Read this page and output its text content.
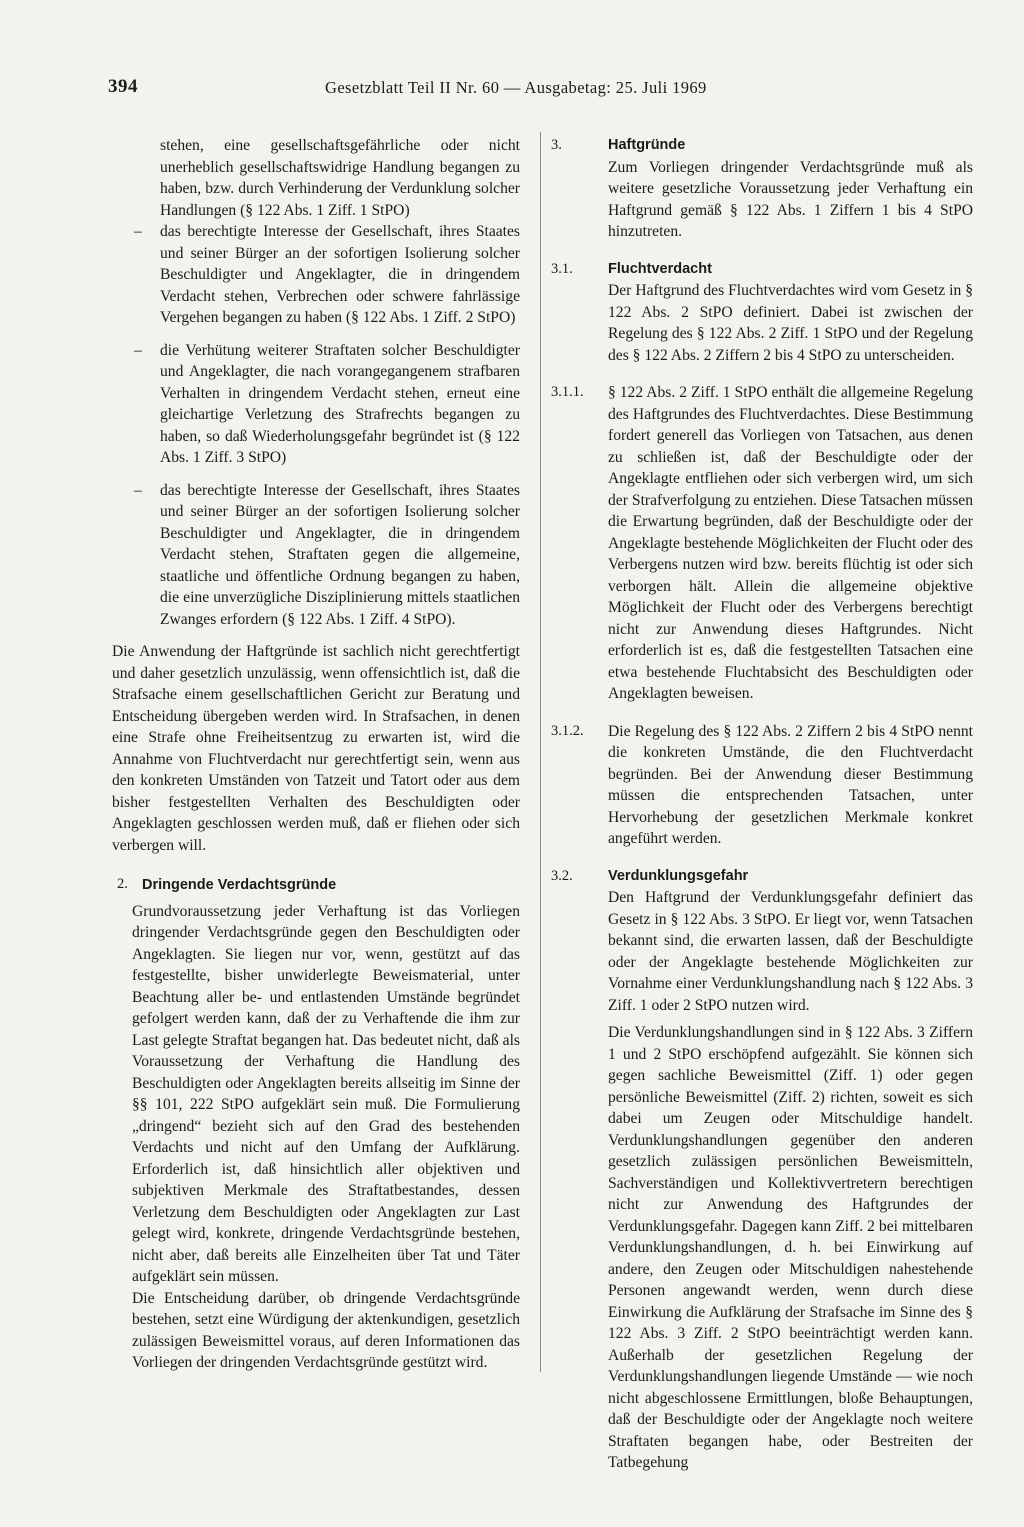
394	Gesetzblatt Teil II Nr. 60 — Ausgabetag: 25. Juli 1969

stehen, eine gesellschaftsgefährliche oder nicht unerheblich gesellschaftswidrige Handlung begangen zu haben, bzw. durch Verhinderung der Verdunklung solcher Handlungen (§ 122 Abs. 1 Ziff. 1 StPO)

– das berechtigte Interesse der Gesellschaft, ihres Staates und seiner Bürger an der sofortigen Isolierung solcher Beschuldigter und Angeklagter, die in dringendem Verdacht stehen, Verbrechen oder schwere fahrlässige Vergehen begangen zu haben (§ 122 Abs. 1 Ziff. 2 StPO)

– die Verhütung weiterer Straftaten solcher Beschuldigter und Angeklagter, die nach vorangegangenem strafbaren Verhalten in dringendem Verdacht stehen, erneut eine gleichartige Verletzung des Strafrechts begangen zu haben, so daß Wiederholungsgefahr begründet ist (§ 122 Abs. 1 Ziff. 3 StPO)

– das berechtigte Interesse der Gesellschaft, ihres Staates und seiner Bürger an der sofortigen Isolierung solcher Beschuldigter und Angeklagter, die in dringendem Verdacht stehen, Straftaten gegen die allgemeine, staatliche und öffentliche Ordnung begangen zu haben, die eine unverzügliche Disziplinierung mittels staatlichen Zwanges erfordern (§ 122 Abs. 1 Ziff. 4 StPO).

Die Anwendung der Haftgründe ist sachlich nicht gerechtfertigt und daher gesetzlich unzulässig, wenn offensichtlich ist, daß die Strafsache einem gesellschaftlichen Gericht zur Beratung und Entscheidung übergeben werden wird. In Strafsachen, in denen eine Strafe ohne Freiheitsentzug zu erwarten ist, wird die Annahme von Fluchtverdacht nur gerechtfertigt sein, wenn aus den konkreten Umständen von Tatzeit und Tatort oder aus dem bisher festgestellten Verhalten des Beschuldigten oder Angeklagten geschlossen werden muß, daß er fliehen oder sich verbergen will.

2. Dringende Verdachtsgründe

Grundvoraussetzung jeder Verhaftung ist das Vorliegen dringender Verdachtsgründe gegen den Beschuldigten oder Angeklagten. Sie liegen nur vor, wenn, gestützt auf das festgestellte, bisher unwiderlegte Beweismaterial, unter Beachtung aller be- und entlastenden Umstände begründet gefolgert werden kann, daß der zu Verhaftende die ihm zur Last gelegte Straftat begangen hat. Das bedeutet nicht, daß als Voraussetzung der Verhaftung die Handlung des Beschuldigten oder Angeklagten bereits allseitig im Sinne der §§ 101, 222 StPO aufgeklärt sein muß. Die Formulierung „dringend“ bezieht sich auf den Grad des bestehenden Verdachts und nicht auf den Umfang der Aufklärung. Erforderlich ist, daß hinsichtlich aller objektiven und subjektiven Merkmale des Straftatbestandes, dessen Verletzung dem Beschuldigten oder Angeklagten zur Last gelegt wird, konkrete, dringende Verdachtsgründe bestehen, nicht aber, daß bereits alle Einzelheiten über Tat und Täter aufgeklärt sein müssen.

Die Entscheidung darüber, ob dringende Verdachtsgründe bestehen, setzt eine Würdigung der aktenkundigen, gesetzlich zulässigen Beweismittel voraus, auf deren Informationen das Vorliegen der dringenden Verdachtsgründe gestützt wird.

3.	Haftgründe

Zum Vorliegen dringender Verdachtsgründe muß als weitere gesetzliche Voraussetzung jeder Verhaftung ein Haftgrund gemäß § 122 Abs. 1 Ziffern 1 bis 4 StPO hinzutreten.

3.1. Fluchtverdacht

Der Haftgrund des Fluchtverdachtes wird vom Gesetz in § 122 Abs. 2 StPO definiert. Dabei ist zwischen der Regelung des § 122 Abs. 2 Ziff. 1 StPO und der Regelung des § 122 Abs. 2 Ziffern 2 bis 4 StPO zu unterscheiden.

3.1.1. § 122 Abs. 2 Ziff. 1 StPO enthält die allgemeine Regelung des Haftgrundes des Fluchtverdachtes. Diese Bestimmung fordert generell das Vorliegen von Tatsachen, aus denen zu schließen ist, daß der Beschuldigte oder der Angeklagte entfliehen oder sich verbergen wird, um sich der Strafverfolgung zu entziehen. Diese Tatsachen müssen die Erwartung begründen, daß der Beschuldigte oder der Angeklagte bestehende Möglichkeiten der Flucht oder des Verbergens nutzen wird bzw. bereits flüchtig ist oder sich verborgen hält. Allein die allgemeine objektive Möglichkeit der Flucht oder des Verbergens berechtigt nicht zur Anwendung dieses Haftgrundes. Nicht erforderlich ist es, daß die festgestellten Tatsachen eine etwa bestehende Fluchtabsicht des Beschuldigten oder Angeklagten beweisen.

3.1.2. Die Regelung des § 122 Abs. 2 Ziffern 2 bis 4 StPO nennt die konkreten Umstände, die den Fluchtverdacht begründen. Bei der Anwendung dieser Bestimmung müssen die entsprechenden Tatsachen, unter Hervorhebung der gesetzlichen Merkmale konkret angeführt werden.

3.2. Verdunklungsgefahr

Den Haftgrund der Verdunklungsgefahr definiert das Gesetz in § 122 Abs. 3 StPO. Er liegt vor, wenn Tatsachen bekannt sind, die erwarten lassen, daß der Beschuldigte oder der Angeklagte bestehende Möglichkeiten zur Vornahme einer Verdunklungshandlung nach § 122 Abs. 3 Ziff. 1 oder 2 StPO nutzen wird.

Die Verdunklungshandlungen sind in § 122 Abs. 3 Ziffern 1 und 2 StPO erschöpfend aufgezählt. Sie können sich gegen sachliche Beweismittel (Ziff. 1) oder gegen persönliche Beweismittel (Ziff. 2) richten, soweit es sich dabei um Zeugen oder Mitschuldige handelt. Verdunklungshandlungen gegenüber den anderen gesetzlich zulässigen persönlichen Beweismitteln, Sachverständigen und Kollektivvertretern berechtigen nicht zur Anwendung des Haftgrundes der Verdunklungsgefahr. Dagegen kann Ziff. 2 bei mittelbaren Verdunklungshandlungen, d. h. bei Einwirkung auf andere, den Zeugen oder Mitschuldigen nahestehende Personen angewandt werden, wenn durch diese Einwirkung die Aufklärung der Strafsache im Sinne des § 122 Abs. 3 Ziff. 2 StPO beeinträchtigt werden kann. Außerhalb der gesetzlichen Regelung der Verdunklungshandlungen liegende Umstände — wie noch nicht abgeschlossene Ermittlungen, bloße Behauptungen, daß der Beschuldigte oder der Angeklagte noch weitere Straftaten begangen habe, oder Bestreiten der Tatbegehung
